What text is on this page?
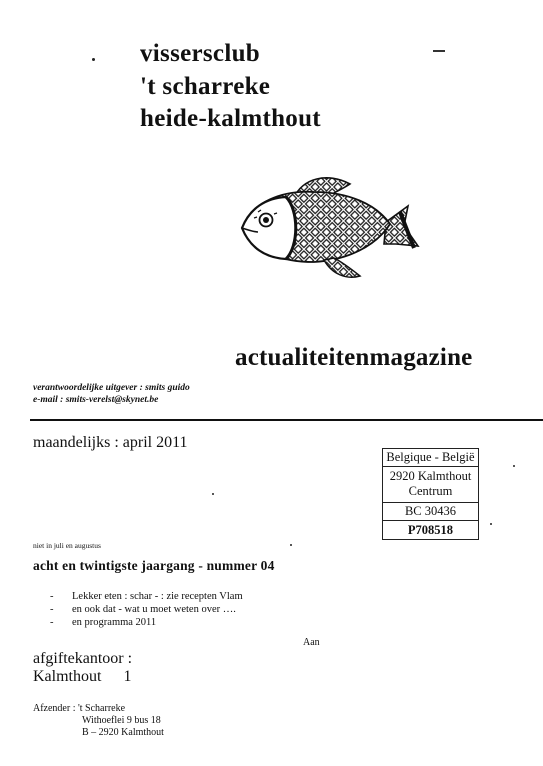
vissersclub
't scharreke
heide-kalmthout
actualiteitenmagazine
verantwoordelijke uitgever : smits guido
e-mail : smits-verelst@skynet.be
maandelijks : april 2011
Belgique - België
2920 Kalmthout
Centrum
BC 30436
P708518
niet in juli en augustus
acht en twintigste jaargang - nummer 04
- Lekker eten : schar - : zie recepten Vlam
- en ook dat - wat u moet weten over ….
- en programma 2011
Aan
afgiftekantoor :
Kalmthout 1
Afzender : 't Scharreke
Withoeflei 9 bus 18
B – 2920 Kalmthout
